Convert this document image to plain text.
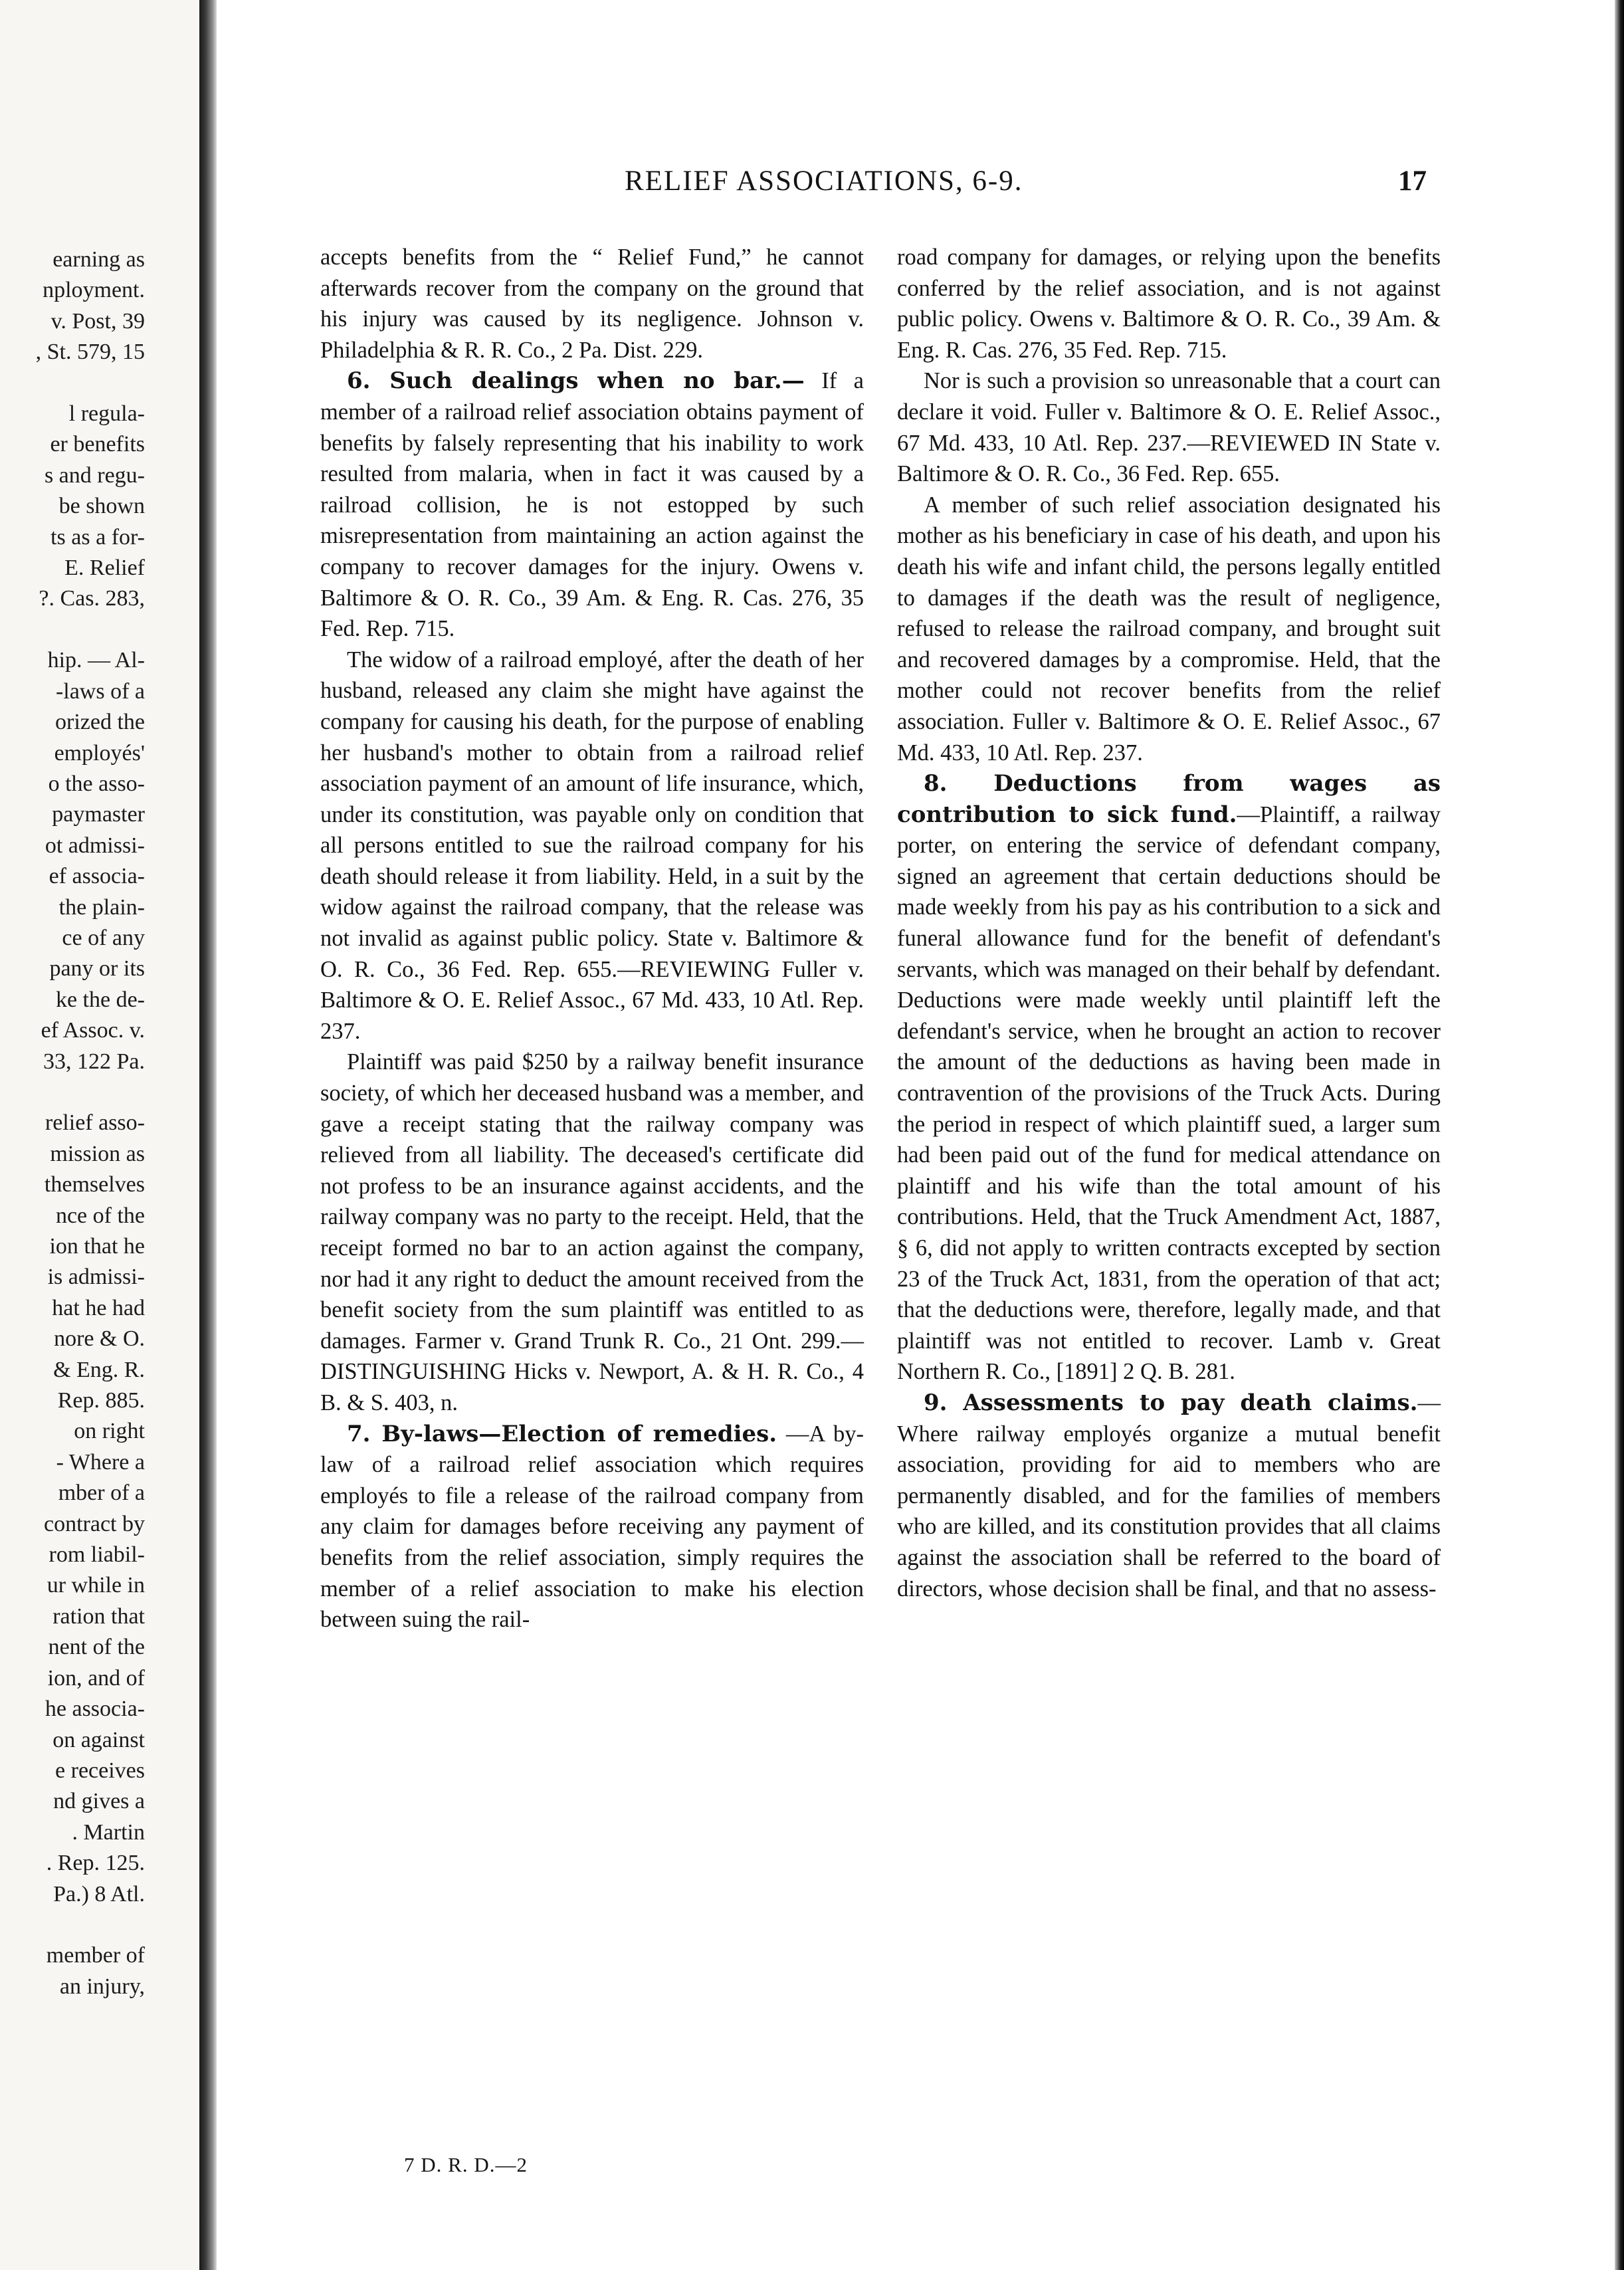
earning as
nployment.
v. Post, 39
, St. 579, 15

l regula-
er benefits
s and regu-
be shown
ts as a for-
E. Relief
?. Cas. 283,

hip. — Al-
-laws of a
orized the
employés'
o the asso-
paymaster
ot admissi-
ef associa-
the plain-
ce of any
pany or its
ke the de-
ef Assoc. v.
33, 122 Pa.

relief asso-
mission as
themselves
nce of the
ion that he
is admissi-
hat he had
nore & O.
& Eng. R.
Rep. 885.
on right
- Where a
mber of a
contract by
rom liabil-
ur while in
ration that
nent of the
ion, and of
he associa-
on against
e receives
nd gives a
. Martin
. Rep. 125.
Pa.) 8 Atl.

member of
an injury,
RELIEF ASSOCIATIONS, 6-9.	17

accepts benefits from the “ Relief Fund,” he cannot afterwards recover from the company on the ground that his injury was caused by its negligence. Johnson v. Philadelphia & R. R. Co., 2 Pa. Dist. 229.

6. Such dealings when no bar.— If a member of a railroad relief association obtains payment of benefits by falsely representing that his inability to work resulted from malaria, when in fact it was caused by a railroad collision, he is not estopped by such misrepresentation from maintaining an action against the company to recover damages for the injury. Owens v. Baltimore & O. R. Co., 39 Am. & Eng. R. Cas. 276, 35 Fed. Rep. 715.

The widow of a railroad employé, after the death of her husband, released any claim she might have against the company for causing his death, for the purpose of enabling her husband's mother to obtain from a railroad relief association payment of an amount of life insurance, which, under its constitution, was payable only on condition that all persons entitled to sue the railroad company for his death should release it from liability. Held, in a suit by the widow against the railroad company, that the release was not invalid as against public policy. State v. Baltimore & O. R. Co., 36 Fed. Rep. 655.—REVIEWING Fuller v. Baltimore & O. E. Relief Assoc., 67 Md. 433, 10 Atl. Rep. 237.

Plaintiff was paid $250 by a railway benefit insurance society, of which her deceased husband was a member, and gave a receipt stating that the railway company was relieved from all liability. The deceased's certificate did not profess to be an insurance against accidents, and the railway company was no party to the receipt. Held, that the receipt formed no bar to an action against the company, nor had it any right to deduct the amount received from the benefit society from the sum plaintiff was entitled to as damages. Farmer v. Grand Trunk R. Co., 21 Ont. 299.—DISTINGUISHING Hicks v. Newport, A. & H. R. Co., 4 B. & S. 403, n.

7. By-laws—Election of remedies. —A by-law of a railroad relief association which requires employés to file a release of the railroad company from any claim for damages before receiving any payment of benefits from the relief association, simply requires the member of a relief association to make his election between suing the rail-

road company for damages, or relying upon the benefits conferred by the relief association, and is not against public policy. Owens v. Baltimore & O. R. Co., 39 Am. & Eng. R. Cas. 276, 35 Fed. Rep. 715.

Nor is such a provision so unreasonable that a court can declare it void. Fuller v. Baltimore & O. E. Relief Assoc., 67 Md. 433, 10 Atl. Rep. 237.—REVIEWED IN State v. Baltimore & O. R. Co., 36 Fed. Rep. 655.

A member of such relief association designated his mother as his beneficiary in case of his death, and upon his death his wife and infant child, the persons legally entitled to damages if the death was the result of negligence, refused to release the railroad company, and brought suit and recovered damages by a compromise. Held, that the mother could not recover benefits from the relief association. Fuller v. Baltimore & O. E. Relief Assoc., 67 Md. 433, 10 Atl. Rep. 237.

8. Deductions from wages as contribution to sick fund.—Plaintiff, a railway porter, on entering the service of defendant company, signed an agreement that certain deductions should be made weekly from his pay as his contribution to a sick and funeral allowance fund for the benefit of defendant's servants, which was managed on their behalf by defendant. Deductions were made weekly until plaintiff left the defendant's service, when he brought an action to recover the amount of the deductions as having been made in contravention of the provisions of the Truck Acts. During the period in respect of which plaintiff sued, a larger sum had been paid out of the fund for medical attendance on plaintiff and his wife than the total amount of his contributions. Held, that the Truck Amendment Act, 1887, § 6, did not apply to written contracts excepted by section 23 of the Truck Act, 1831, from the operation of that act; that the deductions were, therefore, legally made, and that plaintiff was not entitled to recover. Lamb v. Great Northern R. Co., [1891] 2 Q. B. 281.

9. Assessments to pay death claims.—Where railway employés organize a mutual benefit association, providing for aid to members who are permanently disabled, and for the families of members who are killed, and its constitution provides that all claims against the association shall be referred to the board of directors, whose decision shall be final, and that no assess-

7 D. R. D.—2
